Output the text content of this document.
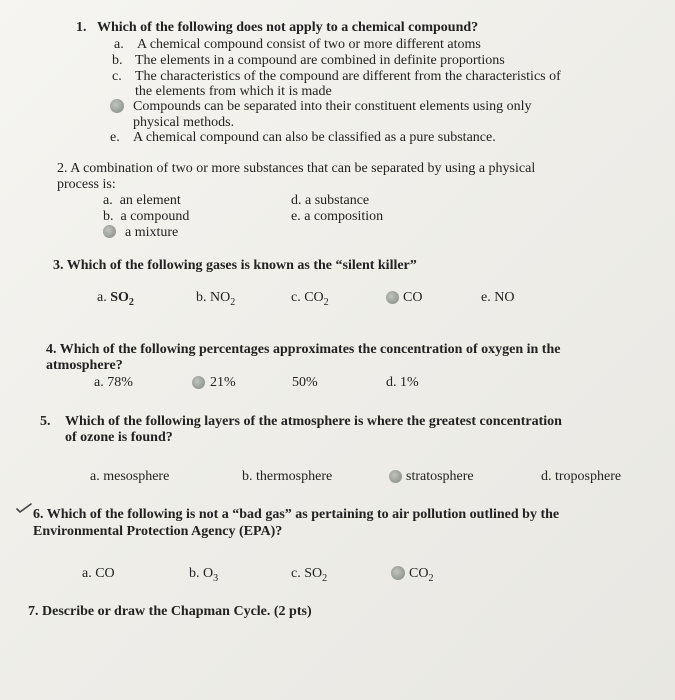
1. Which of the following does not apply to a chemical compound?
a. A chemical compound consist of two or more different atoms
b. The elements in a compound are combined in definite proportions
c. The characteristics of the compound are different from the characteristics of
the elements from which it is made
Compounds can be separated into their constituent elements using only
physical methods.
e. A chemical compound can also be classified as a pure substance.
2. A combination of two or more substances that can be separated by using a physical
process is:
a. an element
b. a compound
a mixture
d. a substance
e. a composition
3. Which of the following gases is known as the “silent killer”
a. $SO_2$	b. $NO_2$	c. $CO_2$	CO	e. NO
4. Which of the following percentages approximates the concentration of oxygen in the
atmosphere?
a. 78%	21%	50%	d. 1%
5. Which of the following layers of the atmosphere is where the greatest concentration
of ozone is found?
a. mesosphere	b. thermosphere	stratosphere	d. troposphere
6. Which of the following is not a “bad gas” as pertaining to air pollution outlined by the
Environmental Protection Agency (EPA)?
a. CO	b. $O_3$	c. $SO_2$	$CO_2$
7. Describe or draw the Chapman Cycle. (2 pts)
